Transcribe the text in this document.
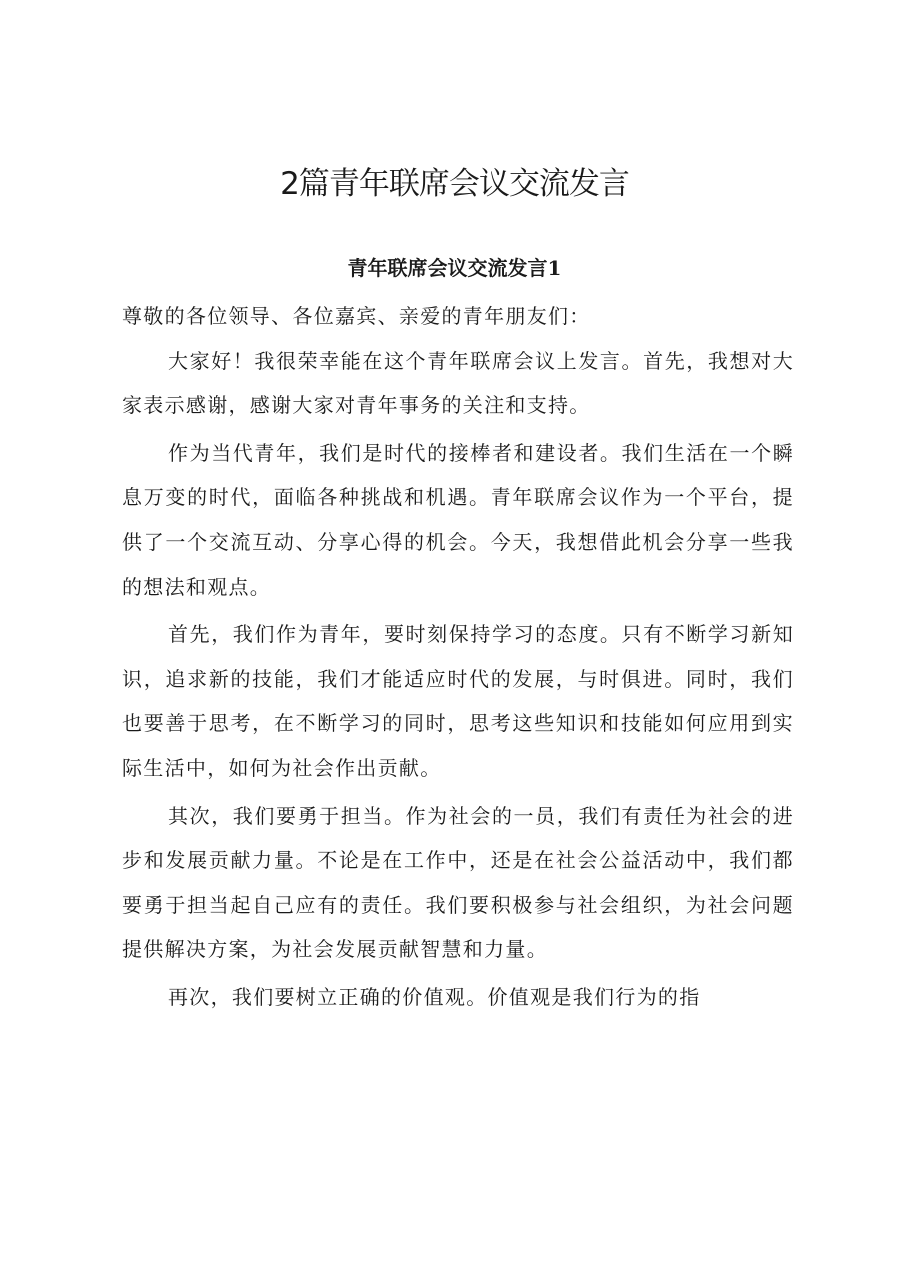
2篇青年联席会议交流发言
青年联席会议交流发言1

尊敬的各位领导、各位嘉宾、亲爱的青年朋友们：

大家好！我很荣幸能在这个青年联席会议上发言。首先，我想对大家表示感谢，感谢大家对青年事务的关注和支持。

作为当代青年，我们是时代的接棒者和建设者。我们生活在一个瞬息万变的时代，面临各种挑战和机遇。青年联席会议作为一个平台，提供了一个交流互动、分享心得的机会。今天，我想借此机会分享一些我的想法和观点。

首先，我们作为青年，要时刻保持学习的态度。只有不断学习新知识，追求新的技能，我们才能适应时代的发展，与时俱进。同时，我们也要善于思考，在不断学习的同时，思考这些知识和技能如何应用到实际生活中，如何为社会作出贡献。

其次，我们要勇于担当。作为社会的一员，我们有责任为社会的进步和发展贡献力量。不论是在工作中，还是在社会公益活动中，我们都要勇于担当起自己应有的责任。我们要积极参与社会组织，为社会问题提供解决方案，为社会发展贡献智慧和力量。

再次，我们要树立正确的价值观。价值观是我们行为的指
